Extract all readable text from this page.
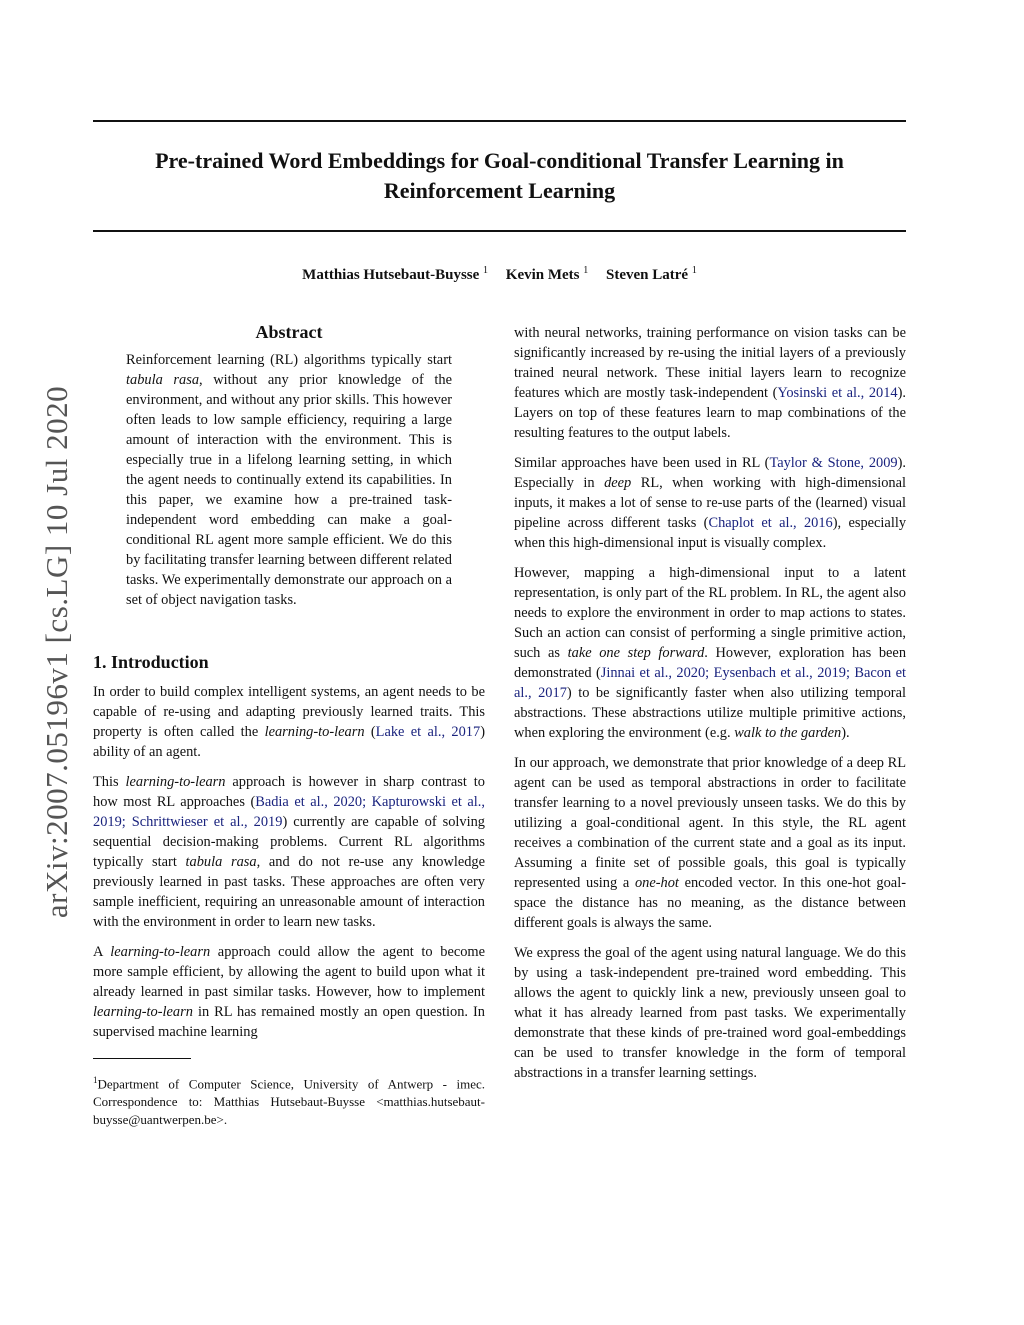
arXiv:2007.05196v1 [cs.LG] 10 Jul 2020
Pre-trained Word Embeddings for Goal-conditional Transfer Learning in
Reinforcement Learning
Matthias Hutsebaut-Buysse $^1$ Kevin Mets $^1$ Steven Latré $^1$
Abstract
Reinforcement learning (RL) algorithms typically start tabula rasa, without any prior knowledge of the environment, and without any prior skills. This however often leads to low sample efficiency, requiring a large amount of interaction with the environment. This is especially true in a lifelong learning setting, in which the agent needs to continually extend its capabilities. In this paper, we examine how a pre-trained task-independent word embedding can make a goal-conditional RL agent more sample efficient. We do this by facilitating transfer learning between different related tasks. We experimentally demonstrate our approach on a set of object navigation tasks.
1. Introduction

In order to build complex intelligent systems, an agent needs to be capable of re-using and adapting previously learned traits. This property is often called the learning-to-learn (Lake et al., 2017) ability of an agent.

This learning-to-learn approach is however in sharp contrast to how most RL approaches (Badia et al., 2020; Kapturowski et al., 2019; Schrittwieser et al., 2019) currently are capable of solving sequential decision-making problems. Current RL algorithms typically start tabula rasa, and do not re-use any knowledge previously learned in past tasks. These approaches are often very sample inefficient, requiring an unreasonable amount of interaction with the environment in order to learn new tasks.

A learning-to-learn approach could allow the agent to become more sample efficient, by allowing the agent to build upon what it already learned in past similar tasks. However, how to implement learning-to-learn in RL has remained mostly an open question. In supervised machine learning

$^1$Department of Computer Science, University of Antwerp - imec. Correspondence to: Matthias Hutsebaut-Buysse <matthias.hutsebaut-buysse@uantwerpen.be>.

with neural networks, training performance on vision tasks can be significantly increased by re-using the initial layers of a previously trained neural network. These initial layers learn to recognize features which are mostly task-independent (Yosinski et al., 2014). Layers on top of these features learn to map combinations of the resulting features to the output labels.

Similar approaches have been used in RL (Taylor & Stone, 2009). Especially in deep RL, when working with high-dimensional inputs, it makes a lot of sense to re-use parts of the (learned) visual pipeline across different tasks (Chaplot et al., 2016), especially when this high-dimensional input is visually complex.

However, mapping a high-dimensional input to a latent representation, is only part of the RL problem. In RL, the agent also needs to explore the environment in order to map actions to states. Such an action can consist of performing a single primitive action, such as take one step forward. However, exploration has been demonstrated (Jinnai et al., 2020; Eysenbach et al., 2019; Bacon et al., 2017) to be significantly faster when also utilizing temporal abstractions. These abstractions utilize multiple primitive actions, when exploring the environment (e.g. walk to the garden).

In our approach, we demonstrate that prior knowledge of a deep RL agent can be used as temporal abstractions in order to facilitate transfer learning to a novel previously unseen tasks. We do this by utilizing a goal-conditional agent. In this style, the RL agent receives a combination of the current state and a goal as its input. Assuming a finite set of possible goals, this goal is typically represented using a one-hot encoded vector. In this one-hot goal-space the distance has no meaning, as the distance between different goals is always the same.

We express the goal of the agent using natural language. We do this by using a task-independent pre-trained word embedding. This allows the agent to quickly link a new, previously unseen goal to what it has already learned from past tasks. We experimentally demonstrate that these kinds of pre-trained word goal-embeddings can be used to transfer knowledge in the form of temporal abstractions in a transfer learning settings.
